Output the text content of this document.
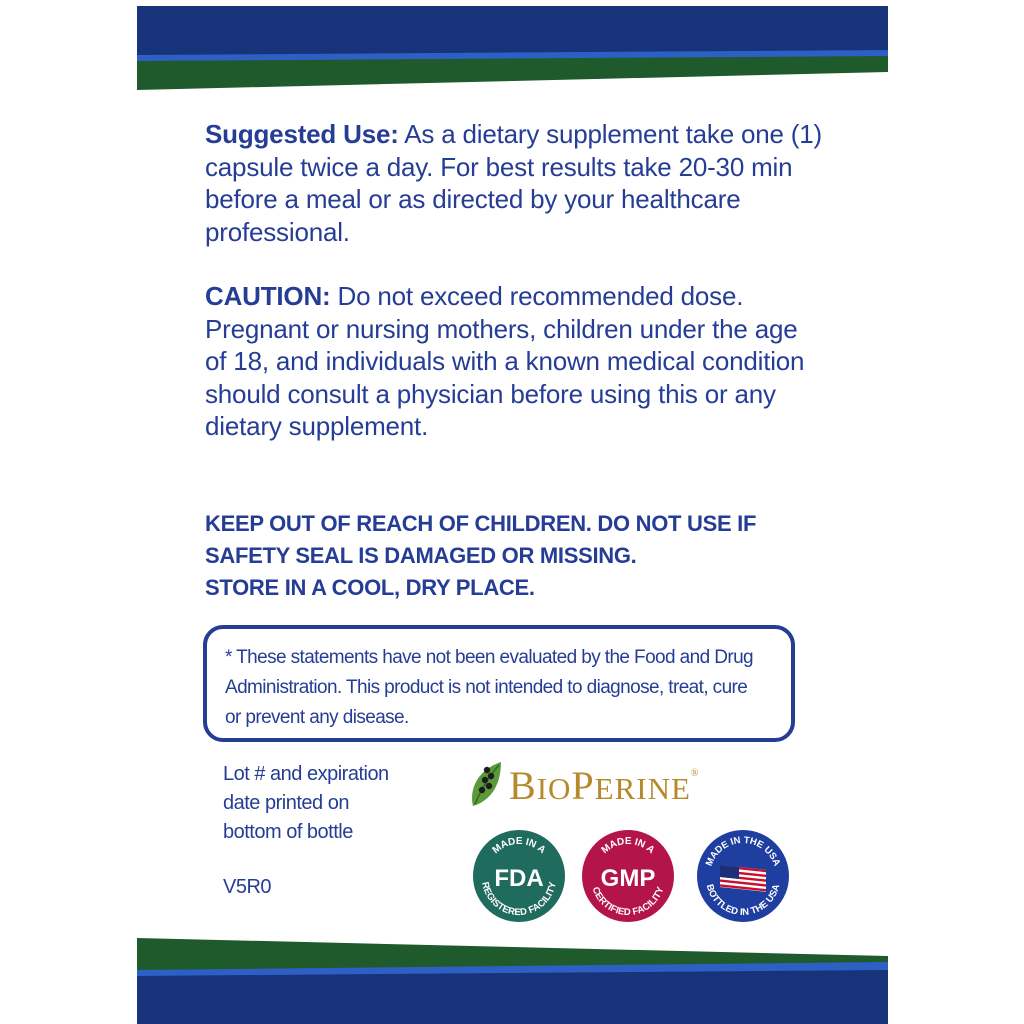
Suggested Use: As a dietary supplement take one (1) capsule twice a day. For best results take 20-30 min before a meal or as directed by your healthcare professional.
CAUTION: Do not exceed recommended dose. Pregnant or nursing mothers, children under the age of 18, and individuals with a known medical condition should consult a physician before using this or any dietary supplement.
KEEP OUT OF REACH OF CHILDREN. DO NOT USE IF
SAFETY SEAL IS DAMAGED OR MISSING.
STORE IN A COOL, DRY PLACE.
* These statements have not been evaluated by the Food and Drug
Administration. This product is not intended to diagnose, treat, cure
or prevent any disease.
Lot # and expiration
date printed on
bottom of bottle
V5R0
BIOPERINE®
MADE IN A
FDA
REGISTERED FACILITY
MADE IN A
GMP
CERTIFIED FACILITY
MADE IN THE USA
BOTTLED IN THE USA
